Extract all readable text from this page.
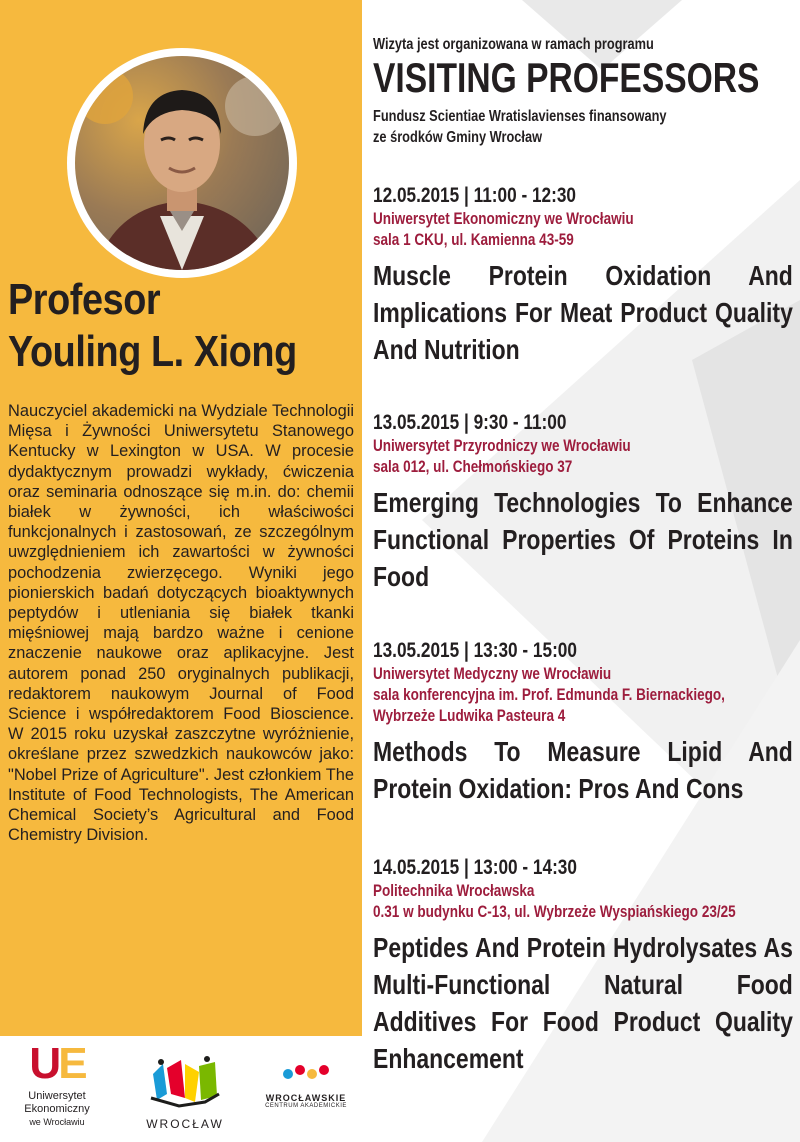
Profesor
Youling L. Xiong
Nauczyciel akademicki na Wydziale Technologii Mięsa i Żywności Uniwersytetu Stanowego Kentucky w Lexington w USA. W procesie dydaktycznym prowadzi wykłady, ćwiczenia oraz seminaria odnoszące się m.in. do: chemii białek w żywności, ich właściwości funkcjonalnych i zastosowań, ze szczególnym uwzględnieniem ich zawartości w żywności pochodzenia zwierzęcego. Wyniki jego pionierskich badań dotyczących bioaktywnych peptydów i utleniania się białek tkanki mięśniowej mają bardzo ważne i cenione znaczenie naukowe oraz aplikacyjne. Jest autorem ponad 250 oryginalnych publikacji, redaktorem naukowym Journal of Food Science i współredaktorem Food Bioscience. W 2015 roku uzyskał zaszczytne wyróżnienie, określane przez szwedzkich naukowców jako: "Nobel Prize of Agriculture". Jest członkiem The Institute of Food Technologists, The American Chemical Society’s Agricultural and Food Chemistry Division.
Wizyta jest organizowana w ramach programu
VISITING PROFESSORS
Fundusz Scientiae Wratislavienses finansowany
ze środków Gminy Wrocław
12.05.2015 | 11:00 - 12:30
Uniwersytet Ekonomiczny we Wrocławiu
sala 1 CKU, ul. Kamienna 43-59
Muscle Protein Oxidation And Implications For Meat Product Quality And Nutrition
13.05.2015 | 9:30 - 11:00
Uniwersytet Przyrodniczy we Wrocławiu
sala 012, ul. Chełmońskiego 37
Emerging Technologies To Enhance Functional Properties Of Proteins In Food
13.05.2015 | 13:30 - 15:00
Uniwersytet Medyczny we Wrocławiu
sala konferencyjna im. Prof. Edmunda F. Biernackiego,
Wybrzeże Ludwika Pasteura 4
Methods To Measure Lipid And Protein Oxidation: Pros And Cons
14.05.2015 | 13:00 - 14:30
Politechnika Wrocławska
0.31 w budynku C-13, ul. Wybrzeże Wyspiańskiego 23/25
Peptides And Protein Hydrolysates As Multi-Functional Natural Food Additives For Food Product Quality Enhancement
UE
Uniwersytet
Ekonomiczny
we Wrocławiu	WROCŁAW
WROCŁAWSKIE
CENTRUM AKADEMICKIE
